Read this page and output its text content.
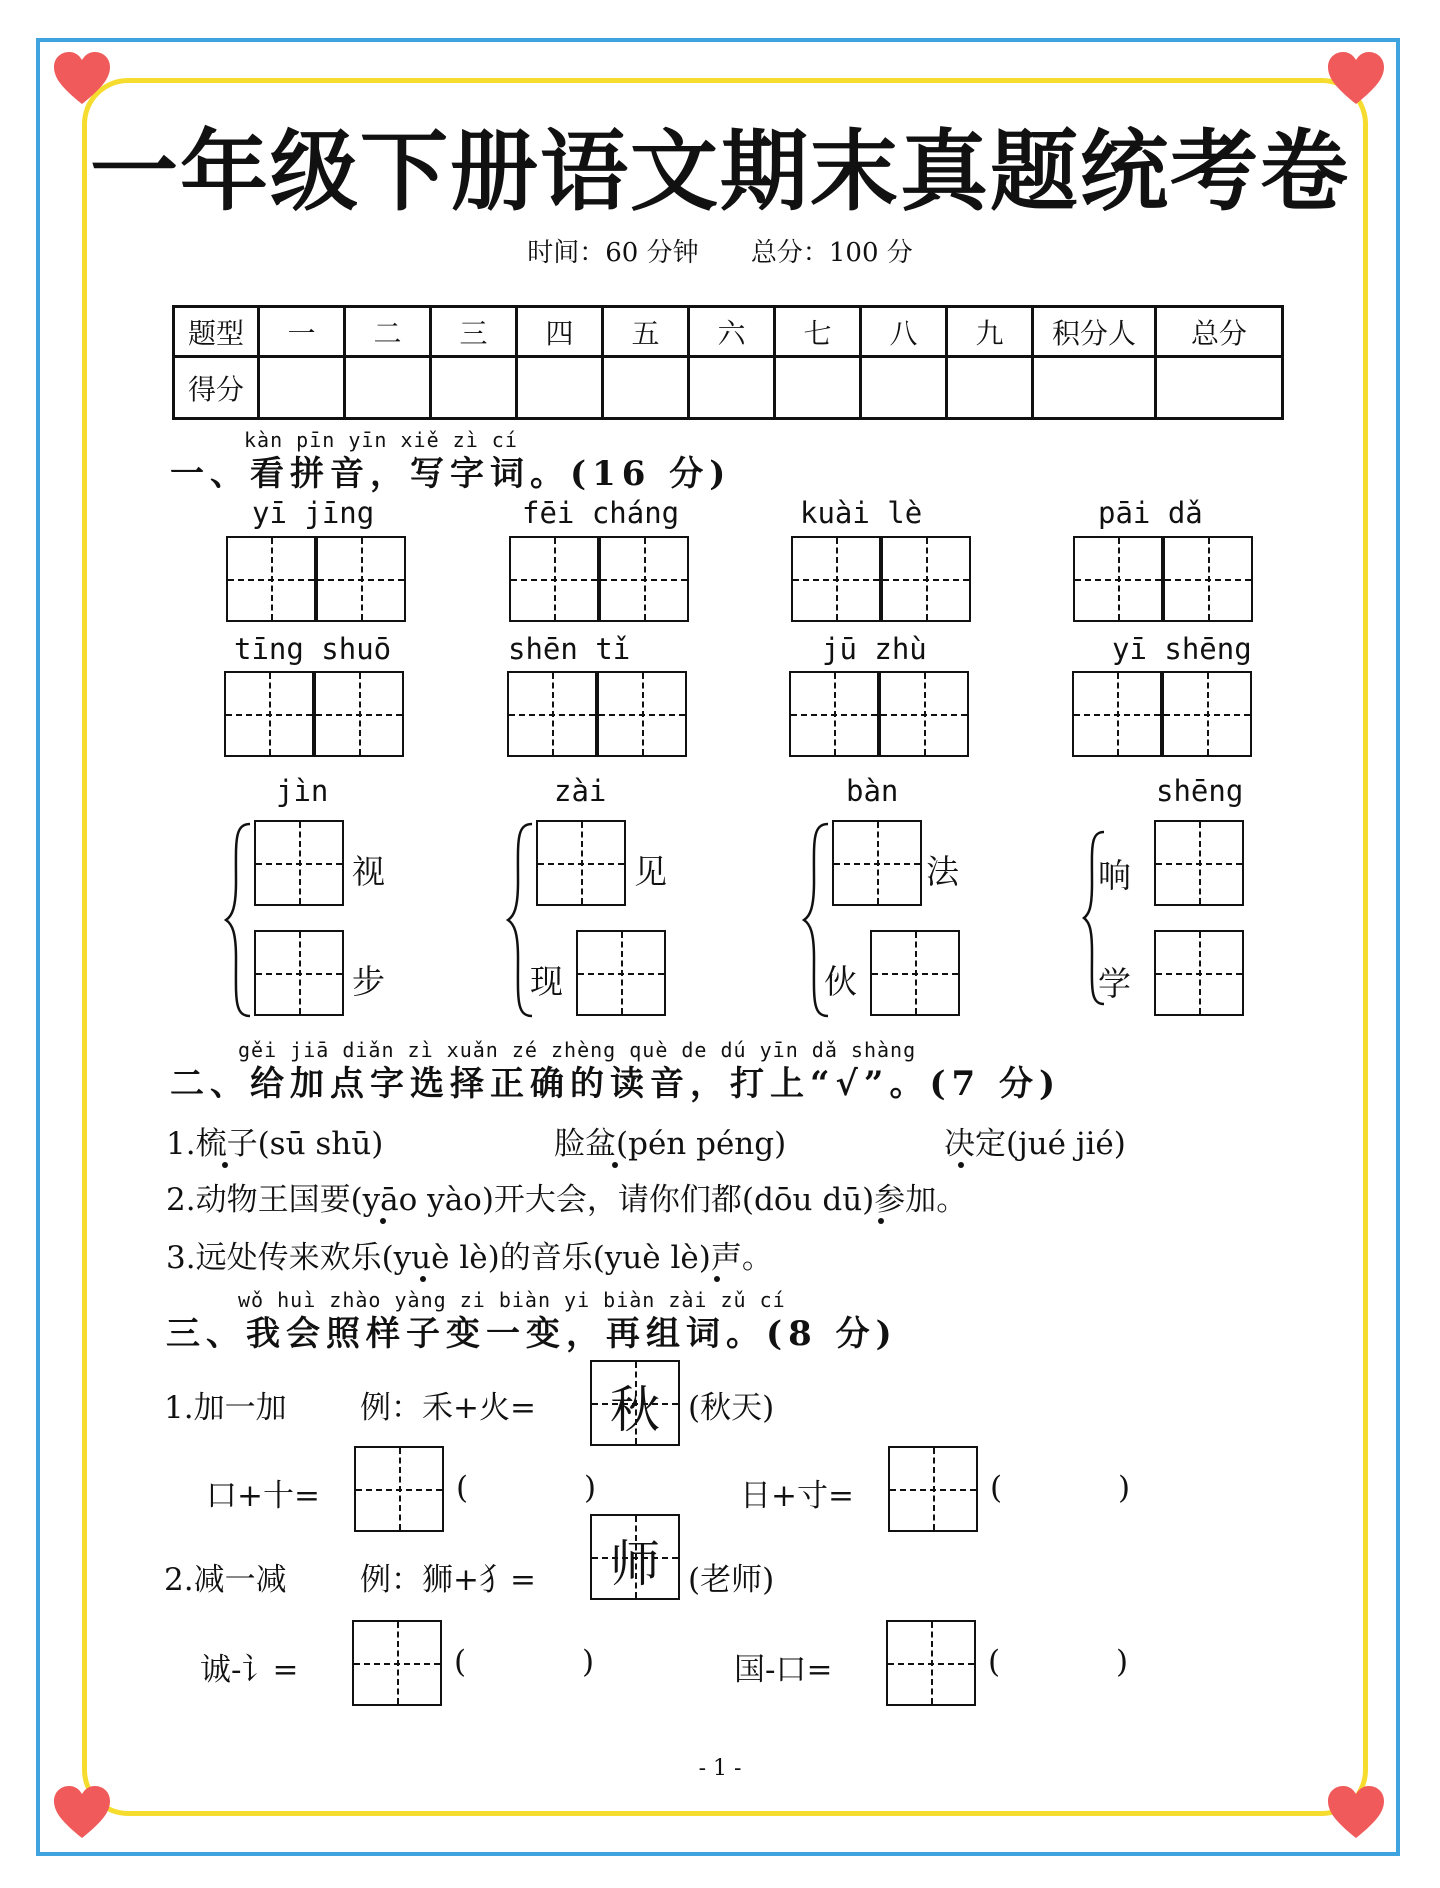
一年级下册语文期末真题统考卷
时间：60 分钟 总分：100 分
题型	一	二	三	四	五	六	七	八	九	积分人	总分
得分											
kàn pīn yīn xiě zì cí
一、看拼音，写字词。(16 分)
yī jīng	fēi cháng	kuài lè	pāi dǎ
tīng shuō	shēn tǐ	jū zhù	yī shēng
jìn	zài	bàn	shēng
视
步
见
现
法
伙
响
学
gěi jiā diǎn zì xuǎn zé zhèng què de dú yīn dǎ shàng
二、给加点字选择正确的读音，打上“√”。(7 分)
1.梳子(sū shū)	脸盆(pén péng)	决定(jué jié)
2.动物王国要(yāo yào)开大会，请你们都(dōu dū)参加。
3.远处传来欢乐(yuè lè)的音乐(yuè lè)声。
wǒ huì zhào yàng zi biàn yi biàn zài zǔ cí
三、我会照样子变一变，再组词。(8 分)
1.加一加 例：禾+火=	秋 (秋天)
口+十=	(	)	日+寸=	(	)
2.减一减 例：狮+犭=	师 (老师)
诚-讠=	(	)	国-口=	(	)
- 1 -
